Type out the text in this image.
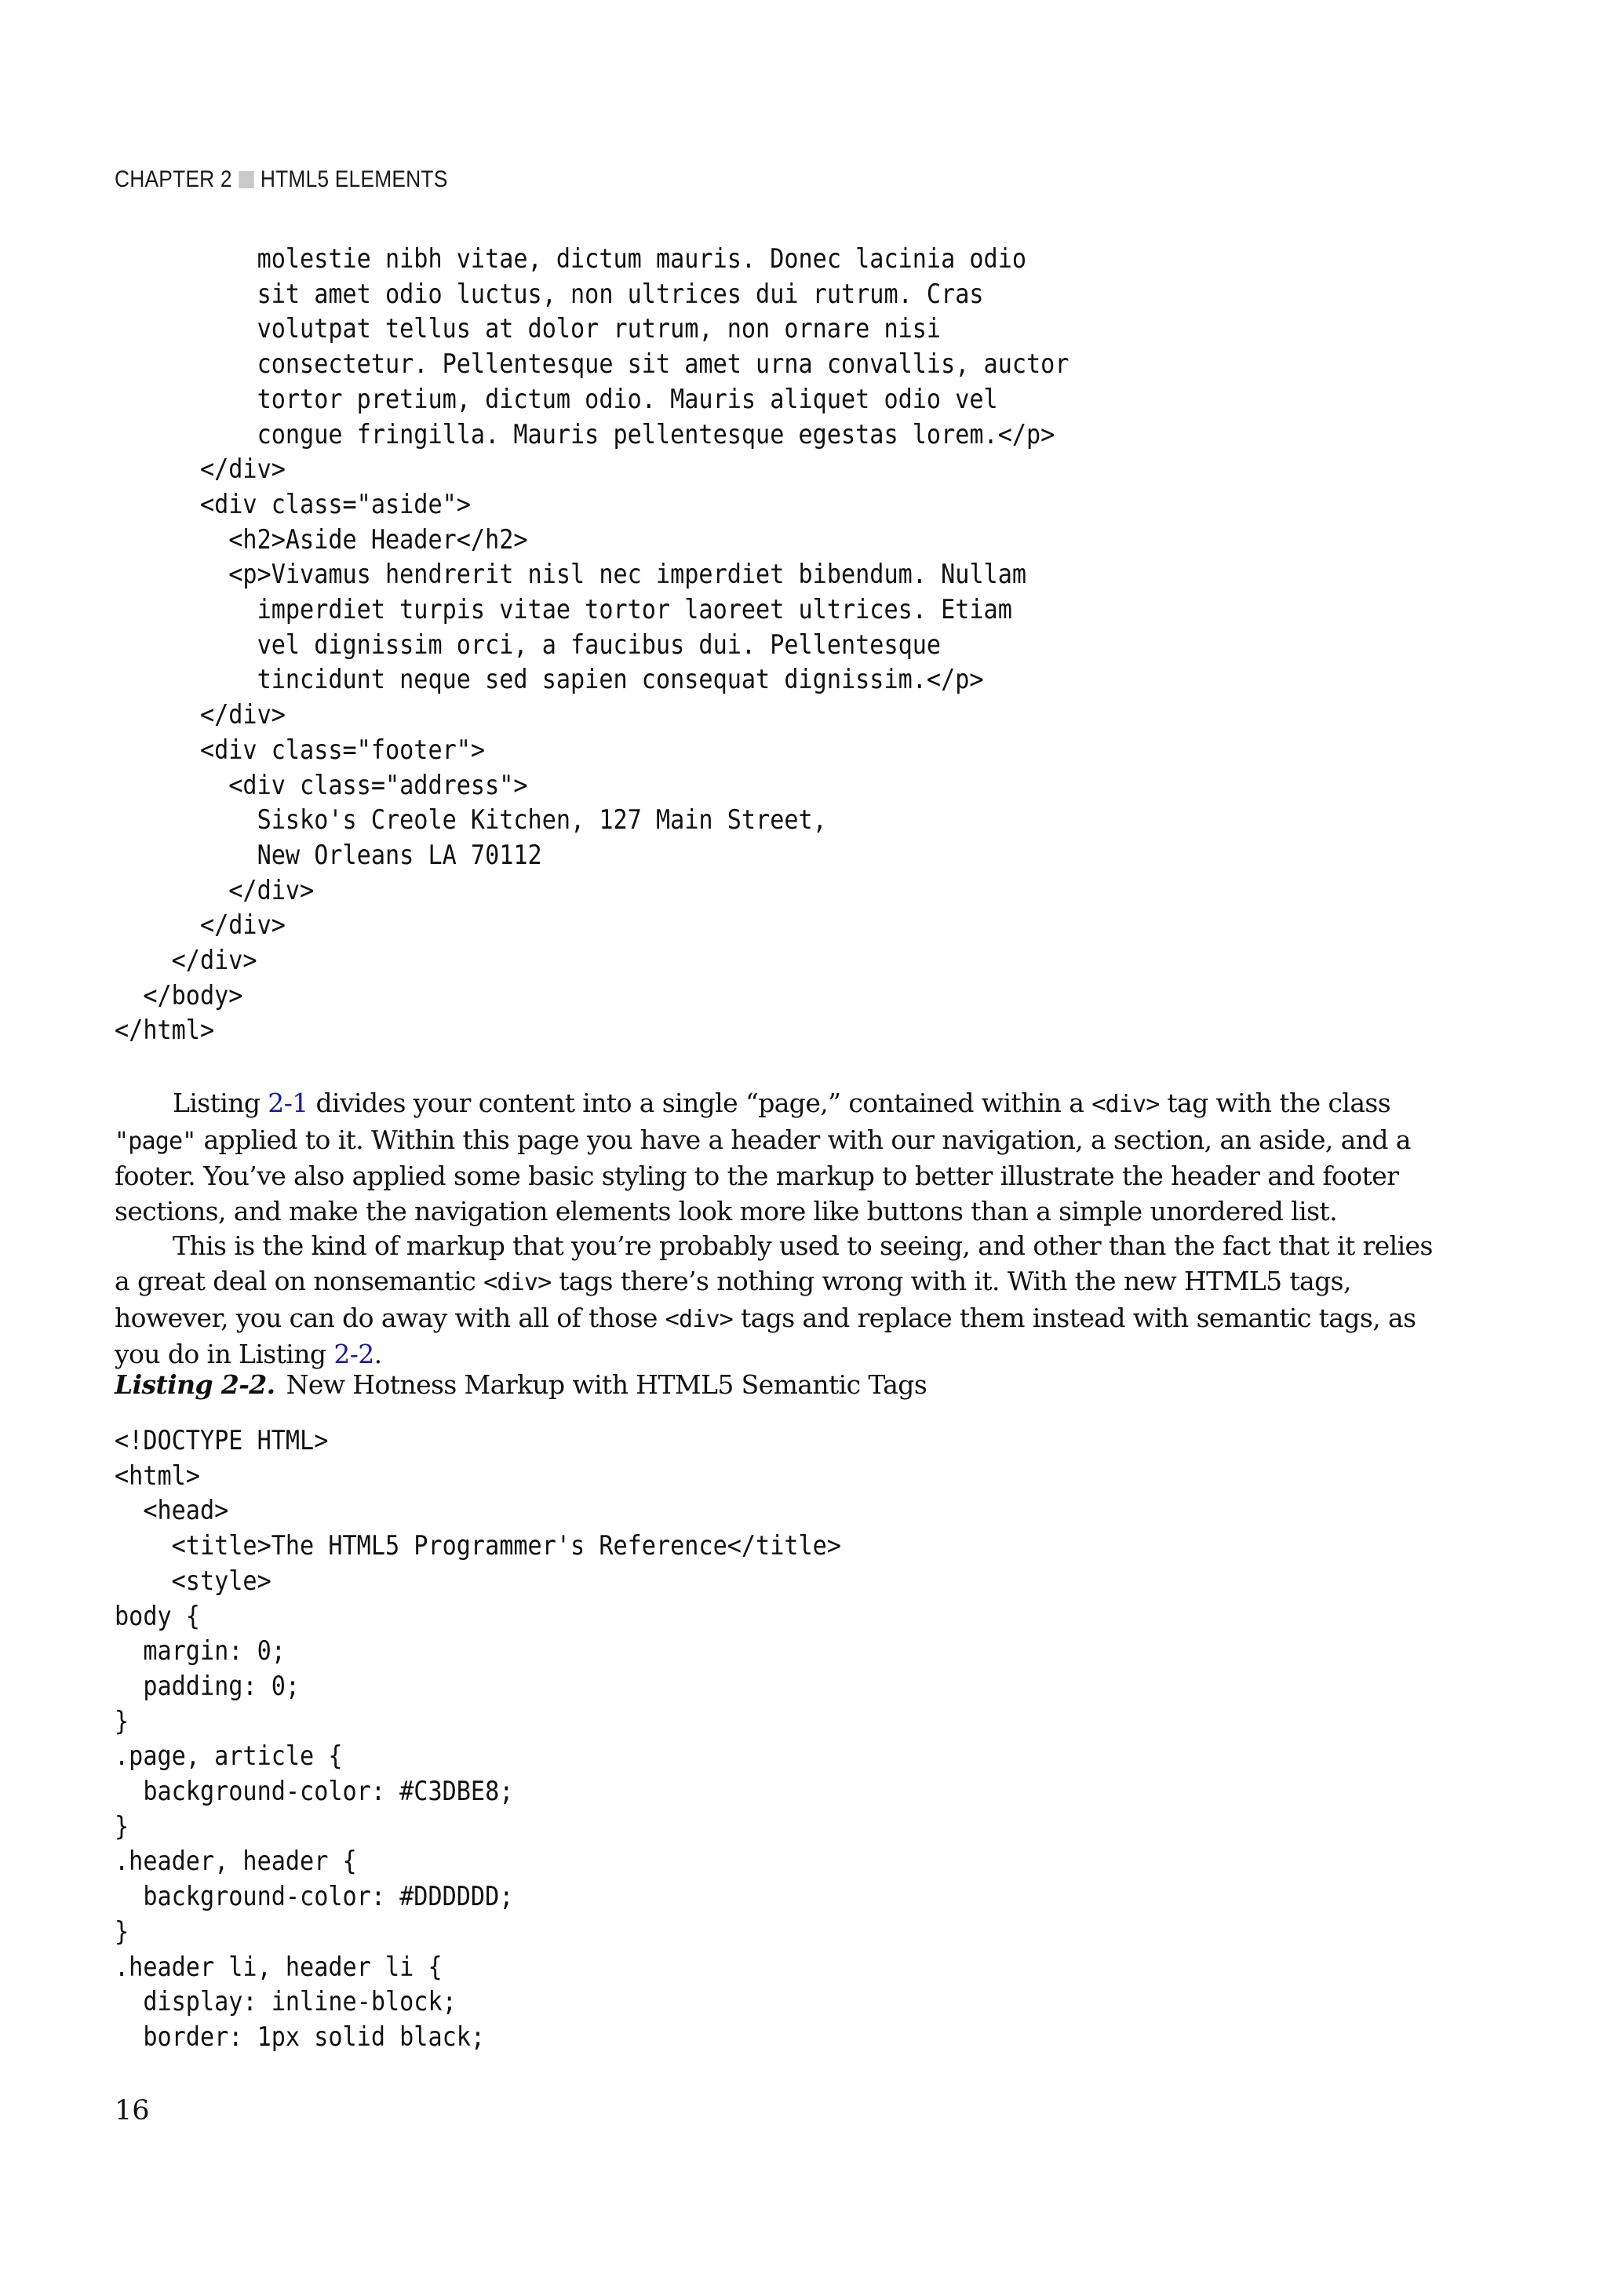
CHAPTER 2 HTML5 ELEMENTS
molestie nibh vitae, dictum mauris. Donec lacinia odio
sit amet odio luctus, non ultrices dui rutrum. Cras
volutpat tellus at dolor rutrum, non ornare nisi
consectetur. Pellentesque sit amet urna convallis, auctor
tortor pretium, dictum odio. Mauris aliquet odio vel
congue fringilla. Mauris pellentesque egestas lorem.</p>
</div>
<div class="aside">
<h2>Aside Header</h2>
<p>Vivamus hendrerit nisl nec imperdiet bibendum. Nullam
imperdiet turpis vitae tortor laoreet ultrices. Etiam
vel dignissim orci, a faucibus dui. Pellentesque
tincidunt neque sed sapien consequat dignissim.</p>
</div>
<div class="footer">
<div class="address">
Sisko's Creole Kitchen, 127 Main Street,
New Orleans LA 70112
</div>
</div>
</div>
</body>
</html>

Listing 2-1 divides your content into a single “page,” contained within a <div> tag with the class "page" applied to it. Within this page you have a header with our navigation, a section, an aside, and a footer. You’ve also applied some basic styling to the markup to better illustrate the header and footer sections, and make the navigation elements look more like buttons than a simple unordered list.

This is the kind of markup that you’re probably used to seeing, and other than the fact that it relies a great deal on nonsemantic <div> tags there’s nothing wrong with it. With the new HTML5 tags, however, you can do away with all of those <div> tags and replace them instead with semantic tags, as you do in Listing 2-2.

Listing 2-2. New Hotness Markup with HTML5 Semantic Tags
<!DOCTYPE HTML>
<html>
<head>
<title>The HTML5 Programmer's Reference</title>
<style>
body {
margin: 0;
padding: 0;
}
.page, article {
background-color: #C3DBE8;
}
.header, header {
background-color: #DDDDDD;
}
.header li, header li {
display: inline-block;
border: 1px solid black;
16
